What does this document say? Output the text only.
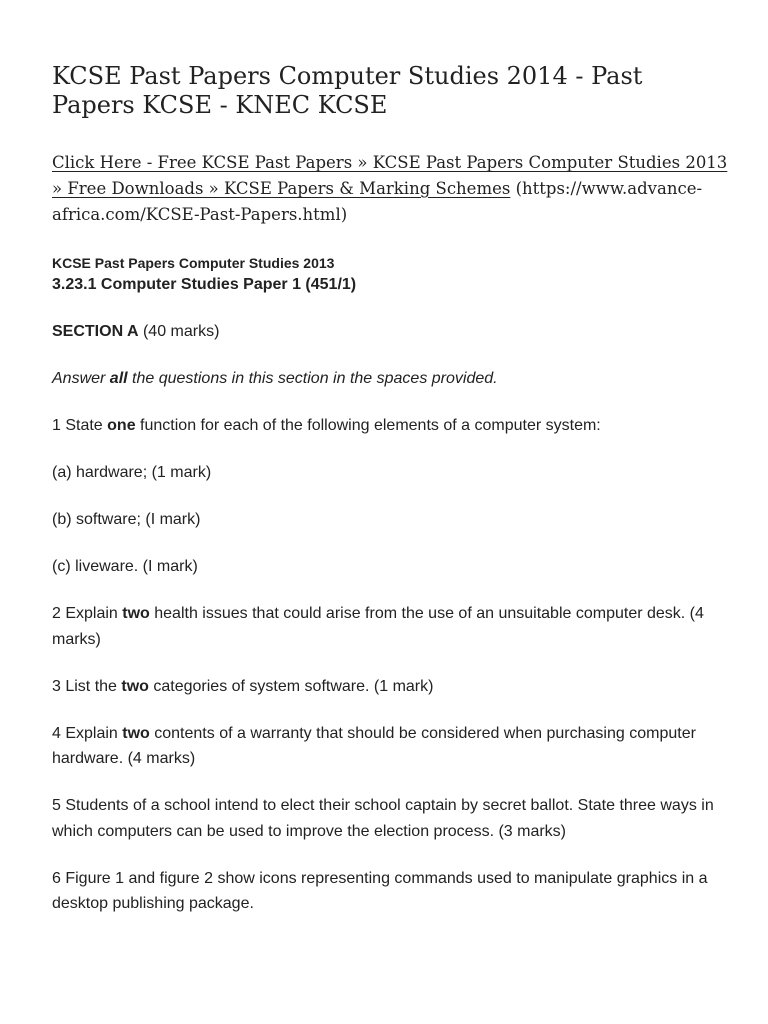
KCSE Past Papers Computer Studies 2014 - Past Papers KCSE - KNEC KCSE

Click Here - Free KCSE Past Papers » KCSE Past Papers Computer Studies 2013 » Free Downloads » KCSE Papers & Marking Schemes (https://www.advance-africa.com/KCSE-Past-Papers.html)

KCSE Past Papers Computer Studies 2013

3.23.1 Computer Studies Paper 1 (451/1)

SECTION A (40 marks)

Answer all the questions in this section in the spaces provided.

1 State one function for each of the following elements of a computer system:

(a) hardware; (1 mark)

(b) software; (I mark)

(c) liveware. (I mark)

2 Explain two health issues that could arise from the use of an unsuitable computer desk. (4 marks)

3 List the two categories of system software. (1 mark)

4 Explain two contents of a warranty that should be considered when purchasing computer hardware. (4 marks)

5 Students of a school intend to elect their school captain by secret ballot. State three ways in which computers can be used to improve the election process. (3 marks)

6 Figure 1 and figure 2 show icons representing commands used to manipulate graphics in a desktop publishing package.
